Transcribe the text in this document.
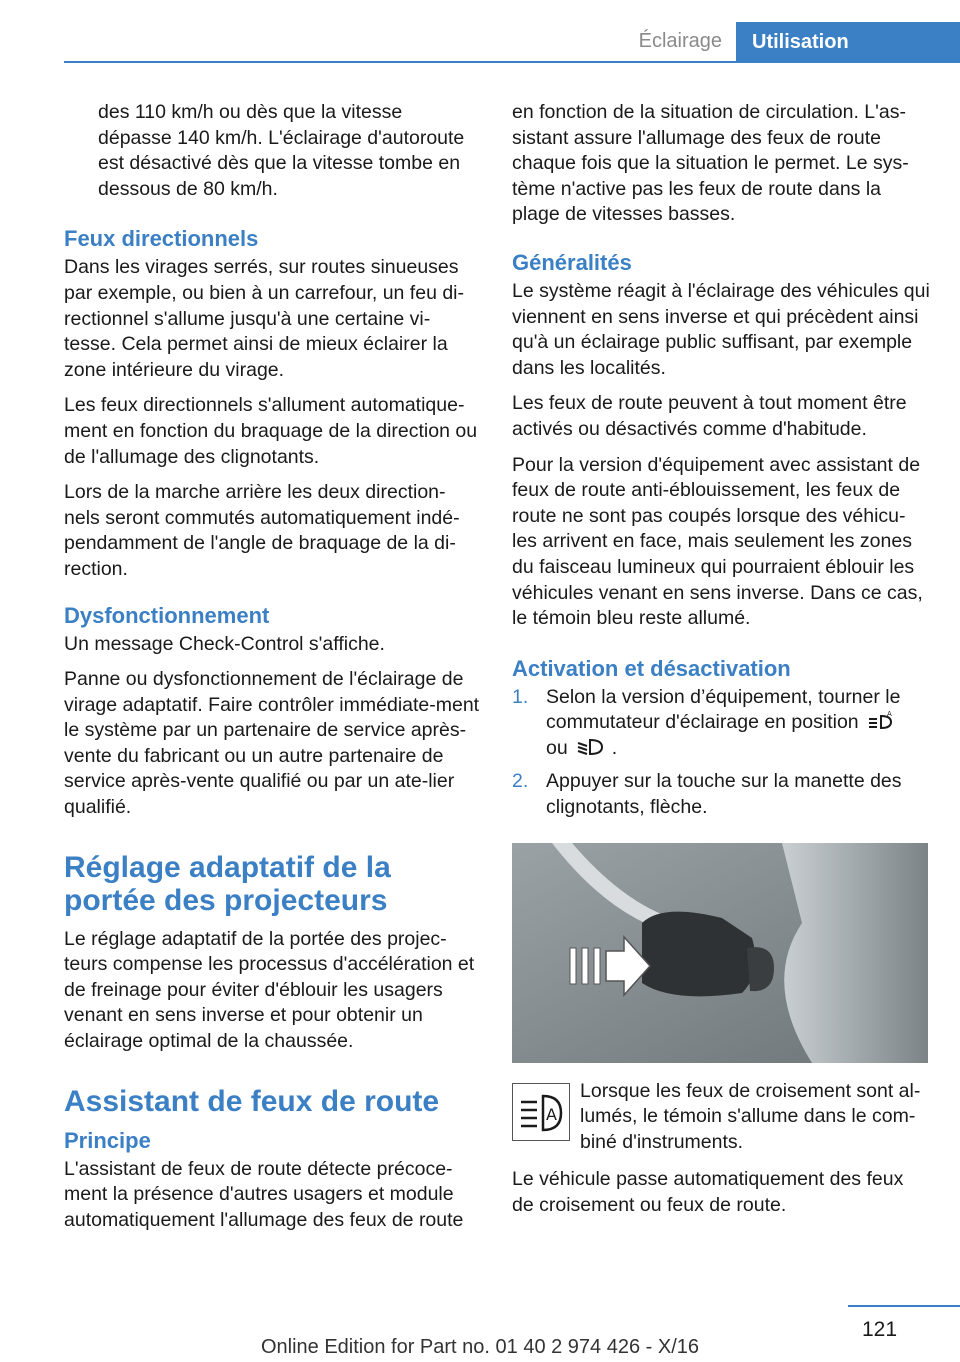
Éclairage	Utilisation

des 110 km/h ou dès que la vitesse dépasse 140 km/h. L'éclairage d'autoroute est désactivé dès que la vitesse tombe en dessous de 80 km/h.

Feux directionnels

Dans les virages serrés, sur routes sinueuses par exemple, ou bien à un carrefour, un feu di-rectionnel s'allume jusqu'à une certaine vi-tesse. Cela permet ainsi de mieux éclairer la zone intérieure du virage.

Les feux directionnels s'allument automatique-ment en fonction du braquage de la direction ou de l'allumage des clignotants.

Lors de la marche arrière les deux direction-nels seront commutés automatiquement indé-pendamment de l'angle de braquage de la di-rection.

Dysfonctionnement

Un message Check-Control s'affiche.

Panne ou dysfonctionnement de l'éclairage de virage adaptatif. Faire contrôler immédiate-ment le système par un partenaire de service après-vente du fabricant ou un autre partenaire de service après-vente qualifié ou par un ate-lier qualifié.

Réglage adaptatif de la portée des projecteurs

Le réglage adaptatif de la portée des projec-teurs compense les processus d'accélération et de freinage pour éviter d'éblouir les usagers venant en sens inverse et pour obtenir un éclairage optimal de la chaussée.

Assistant de feux de route
Principe

L'assistant de feux de route détecte précoce-ment la présence d'autres usagers et module automatiquement l'allumage des feux de route

en fonction de la situation de circulation. L'as-sistant assure l'allumage des feux de route chaque fois que la situation le permet. Le sys-tème n'active pas les feux de route dans la plage de vitesses basses.

Généralités

Le système réagit à l'éclairage des véhicules qui viennent en sens inverse et qui précèdent ainsi qu'à un éclairage public suffisant, par exemple dans les localités.

Les feux de route peuvent à tout moment être activés ou désactivés comme d'habitude.

Pour la version d'équipement avec assistant de feux de route anti-éblouissement, les feux de route ne sont pas coupés lorsque des véhicu-les arrivent en face, mais seulement les zones du faisceau lumineux qui pourraient éblouir les véhicules venant en sens inverse. Dans ce cas, le témoin bleu reste allumé.

Activation et désactivation
1. Selon la version d’équipement, tourner le commutateur d'éclairage en position	A

ou .
2. Appuyer sur la touche sur la manette des clignotants, flèche.
A
Lorsque les feux de croisement sont al-lumés, le témoin s'allume dans le com-biné d'instruments.

Le véhicule passe automatiquement des feux de croisement ou feux de route.

121
Online Edition for Part no. 01 40 2 974 426 - X/16
